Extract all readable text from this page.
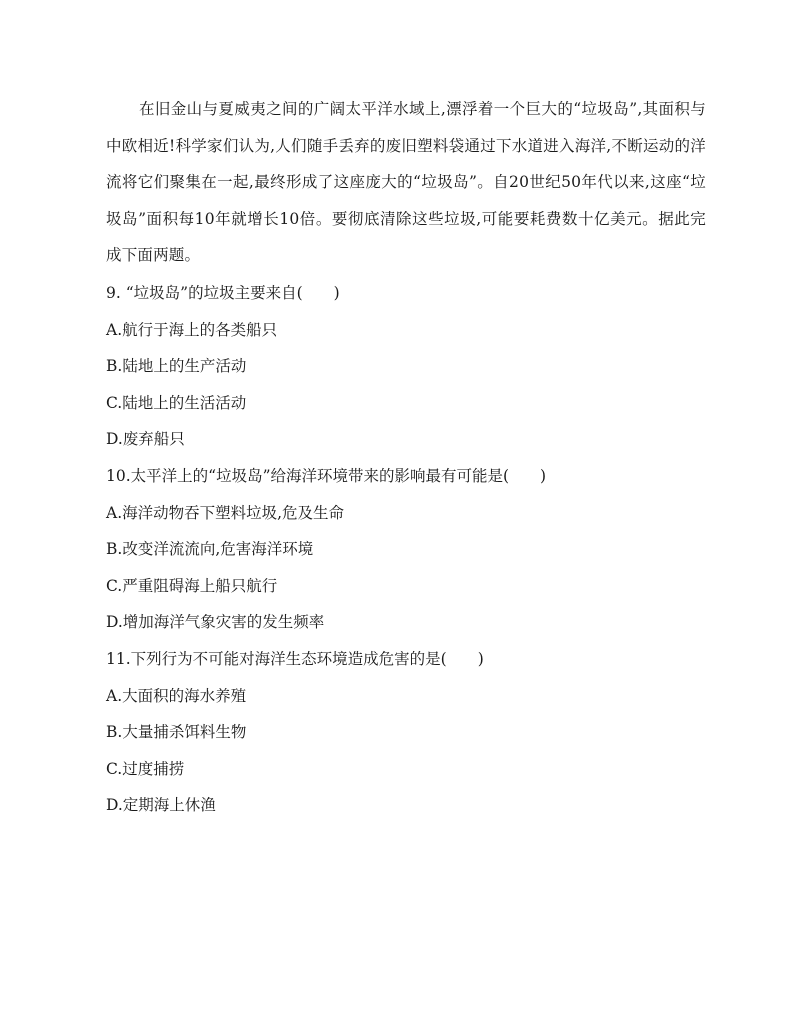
在旧金山与夏威夷之间的广阔太平洋水域上,漂浮着一个巨大的“垃圾岛”,其面积与中欧相近!科学家们认为,人们随手丢弃的废旧塑料袋通过下水道进入海洋,不断运动的洋流将它们聚集在一起,最终形成了这座庞大的“垃圾岛”。自20世纪50年代以来,这座“垃圾岛”面积每10年就增长10倍。要彻底清除这些垃圾,可能要耗费数十亿美元。据此完成下面两题。
9. “垃圾岛”的垃圾主要来自(　　)
A.航行于海上的各类船只
B.陆地上的生产活动
C.陆地上的生活活动
D.废弃船只
10.太平洋上的“垃圾岛”给海洋环境带来的影响最有可能是(　　)
A.海洋动物吞下塑料垃圾,危及生命
B.改变洋流流向,危害海洋环境
C.严重阻碍海上船只航行
D.增加海洋气象灾害的发生频率
11.下列行为不可能对海洋生态环境造成危害的是(　　)
A.大面积的海水养殖
B.大量捕杀饵料生物
C.过度捕捞
D.定期海上休渔
